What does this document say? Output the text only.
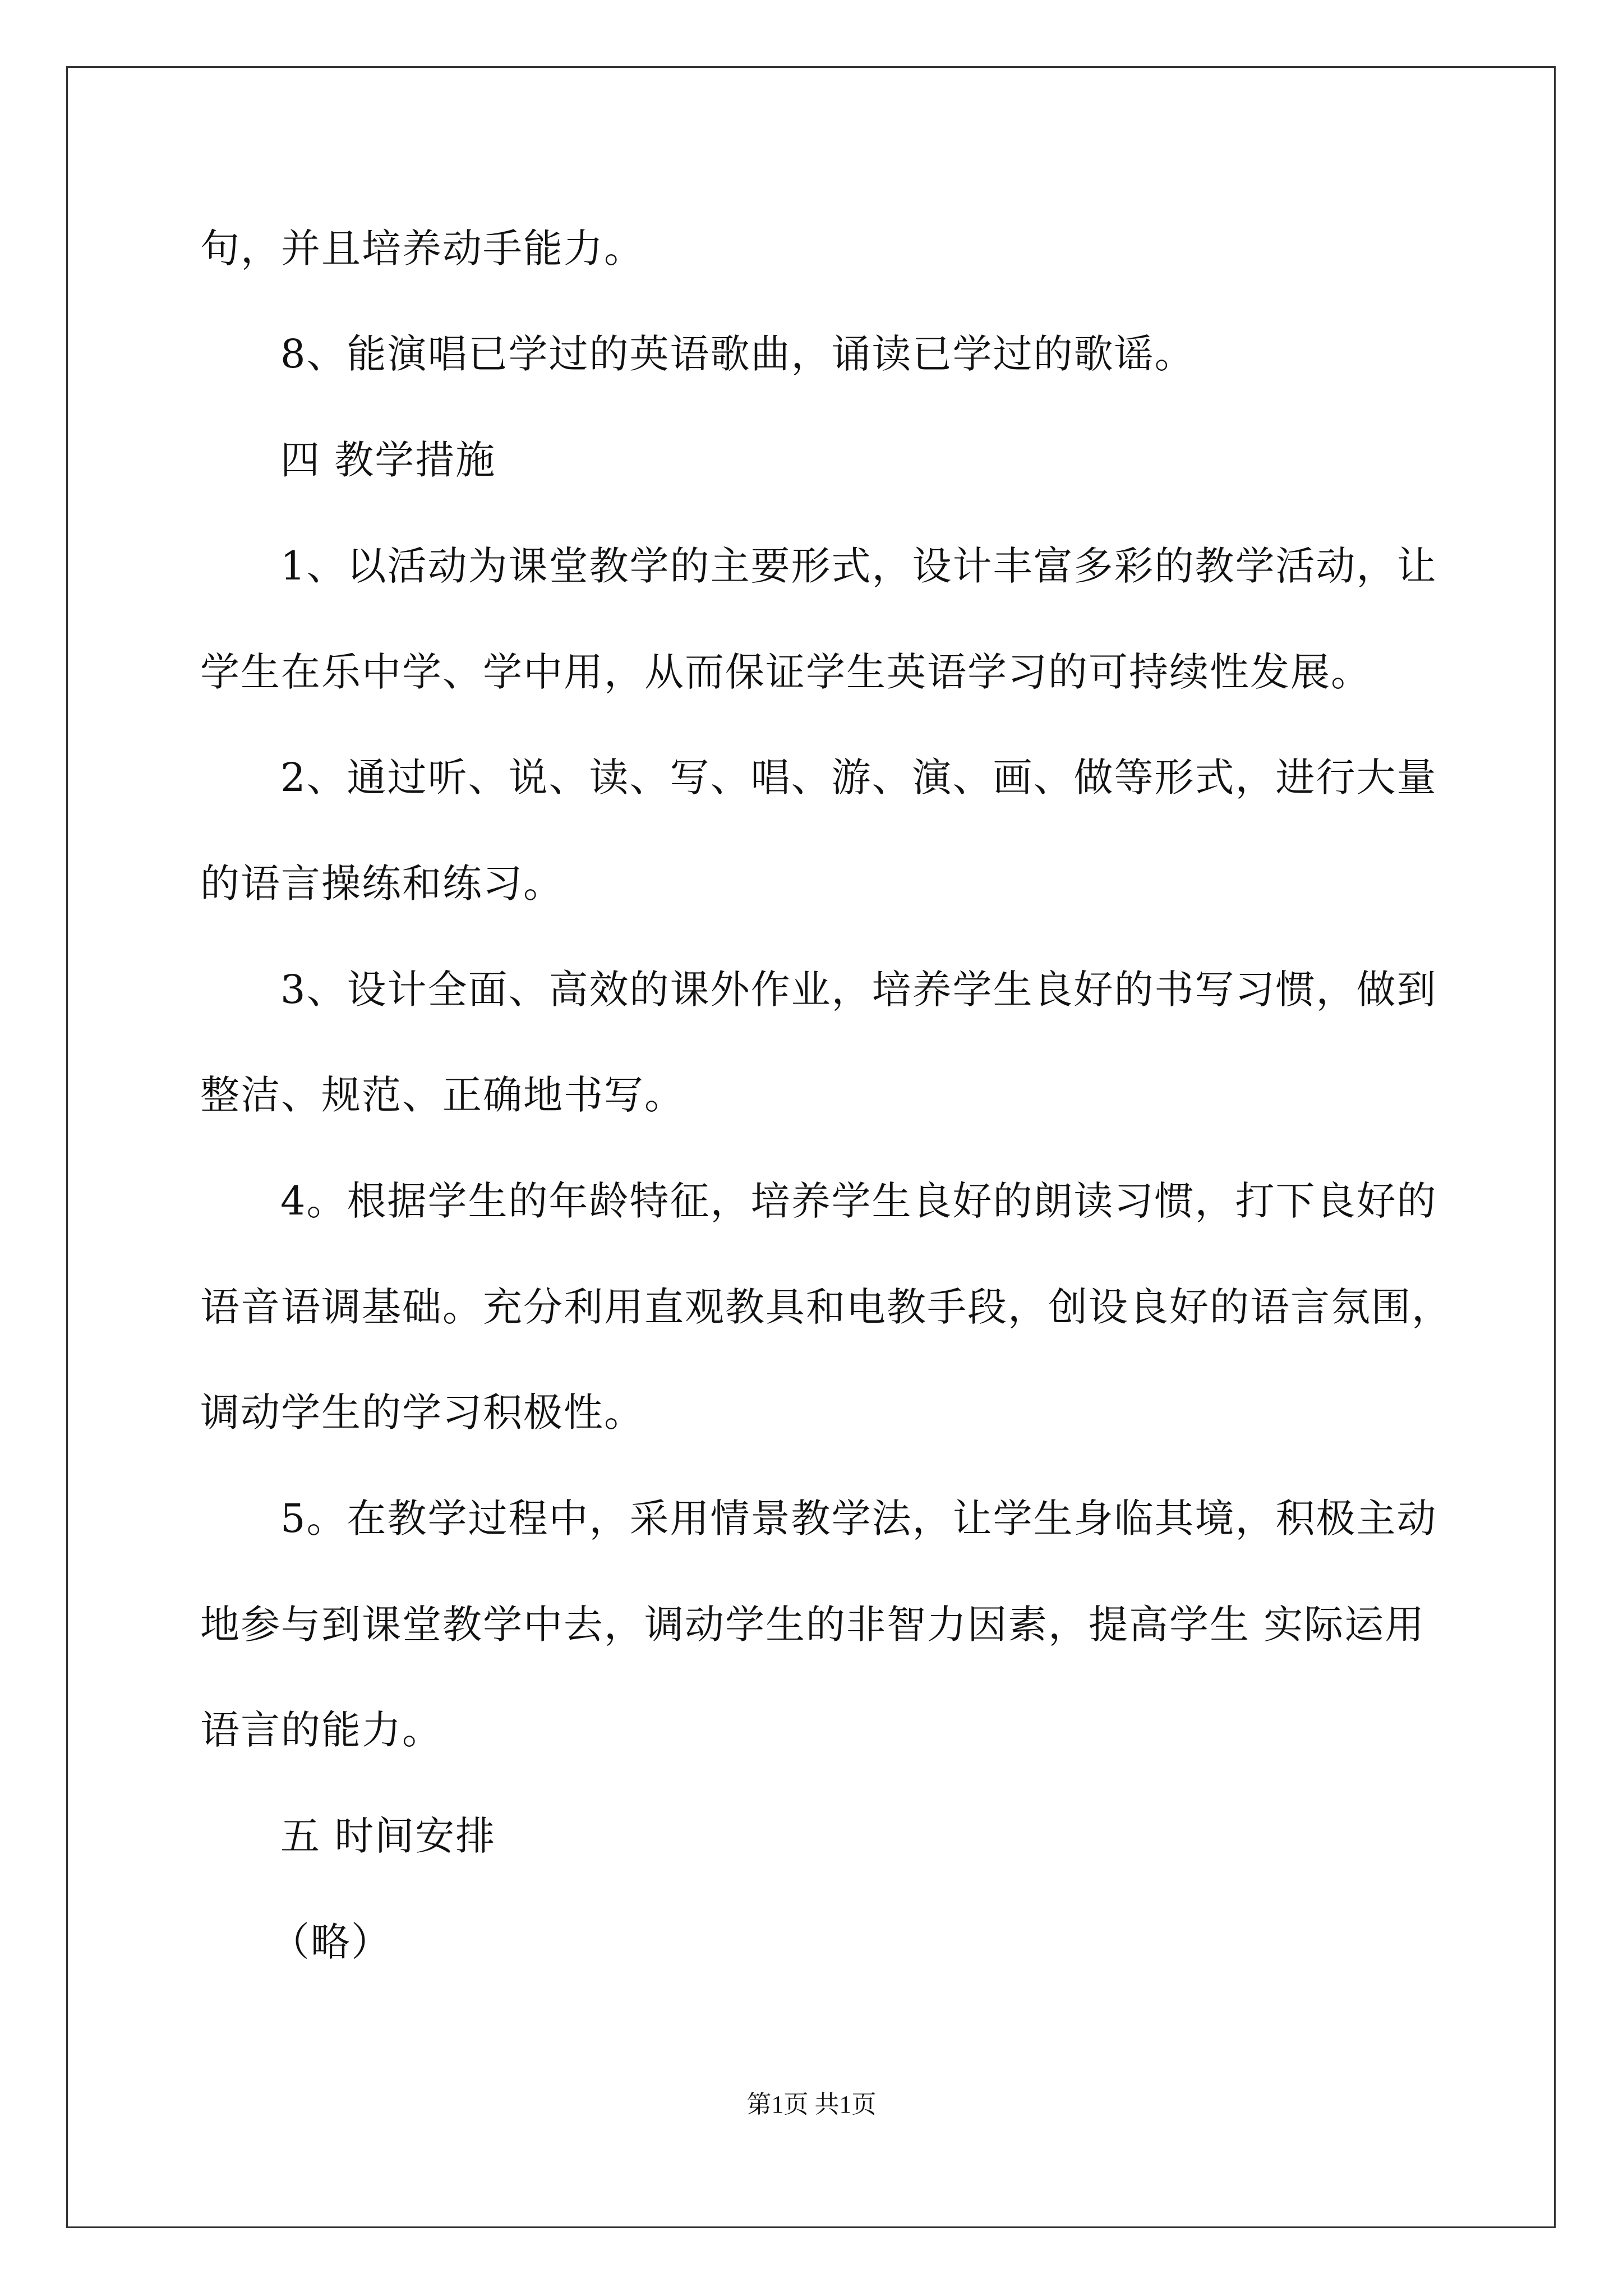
句，并且培养动手能力。
8、能演唱已学过的英语歌曲，诵读已学过的歌谣。
四 教学措施
1、以活动为课堂教学的主要形式，设计丰富多彩的教学活动，让
学生在乐中学、学中用，从而保证学生英语学习的可持续性发展。
2、通过听、说、读、写、唱、游、演、画、做等形式，进行大量
的语言操练和练习。
3、设计全面、高效的课外作业，培养学生良好的书写习惯，做到
整洁、规范、正确地书写。
4。根据学生的年龄特征，培养学生良好的朗读习惯，打下良好的
语音语调基础。充分利用直观教具和电教手段，创设良好的语言氛围，
调动学生的学习积极性。
5。在教学过程中，采用情景教学法，让学生身临其境，积极主动
地参与到课堂教学中去，调动学生的非智力因素，提高学生 实际运用
语言的能力。
五 时间安排
（略）
第1页 共1页
